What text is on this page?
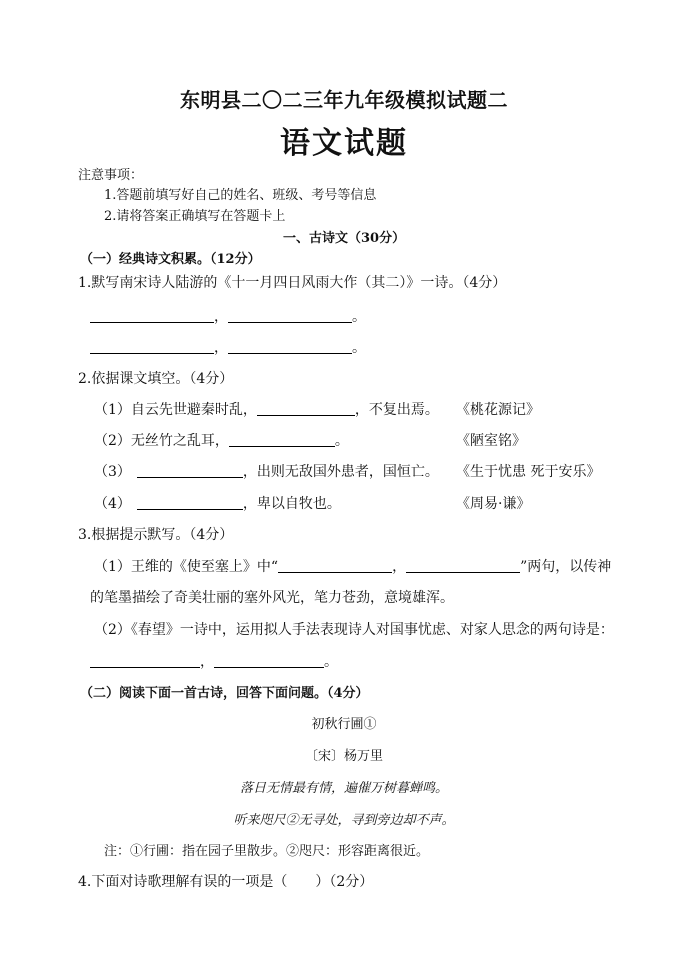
东明县二〇二三年九年级模拟试题二
语文试题
注意事项：
1.答题前填写好自己的姓名、班级、考号等信息
2.请将答案正确填写在答题卡上
一、古诗文（30分）
（一）经典诗文积累。（12分）
1.默写南宋诗人陆游的《十一月四日风雨大作（其二）》一诗。（4分）
，	。
，	。
2.依据课文填空。（4分）
（1）自云先世避秦时乱，	，不复出焉。 《桃花源记》
（2）无丝竹之乱耳，	。	《陋室铭》
（3）	，出则无敌国外患者，国恒亡。 《生于忧患 死于安乐》
（4）	，卑以自牧也。	《周易·谦》
3.根据提示默写。（4分）
（1）王维的《使至塞上》中“	，	”两句，以传神
的笔墨描绘了奇美壮丽的塞外风光，笔力苍劲，意境雄浑。
（2）《春望》一诗中，运用拟人手法表现诗人对国事忧虑、对家人思念的两句诗是：
，	。
（二）阅读下面一首古诗，回答下面问题。（4分）
初秋行圃①
〔宋〕杨万里
落日无情最有情，遍催万树暮蝉鸣。
听来咫尺②无寻处，寻到旁边却不声。
注：①行圃：指在园子里散步。②咫尺：形容距离很近。
4.下面对诗歌理解有误的一项是（　　）（2分）
